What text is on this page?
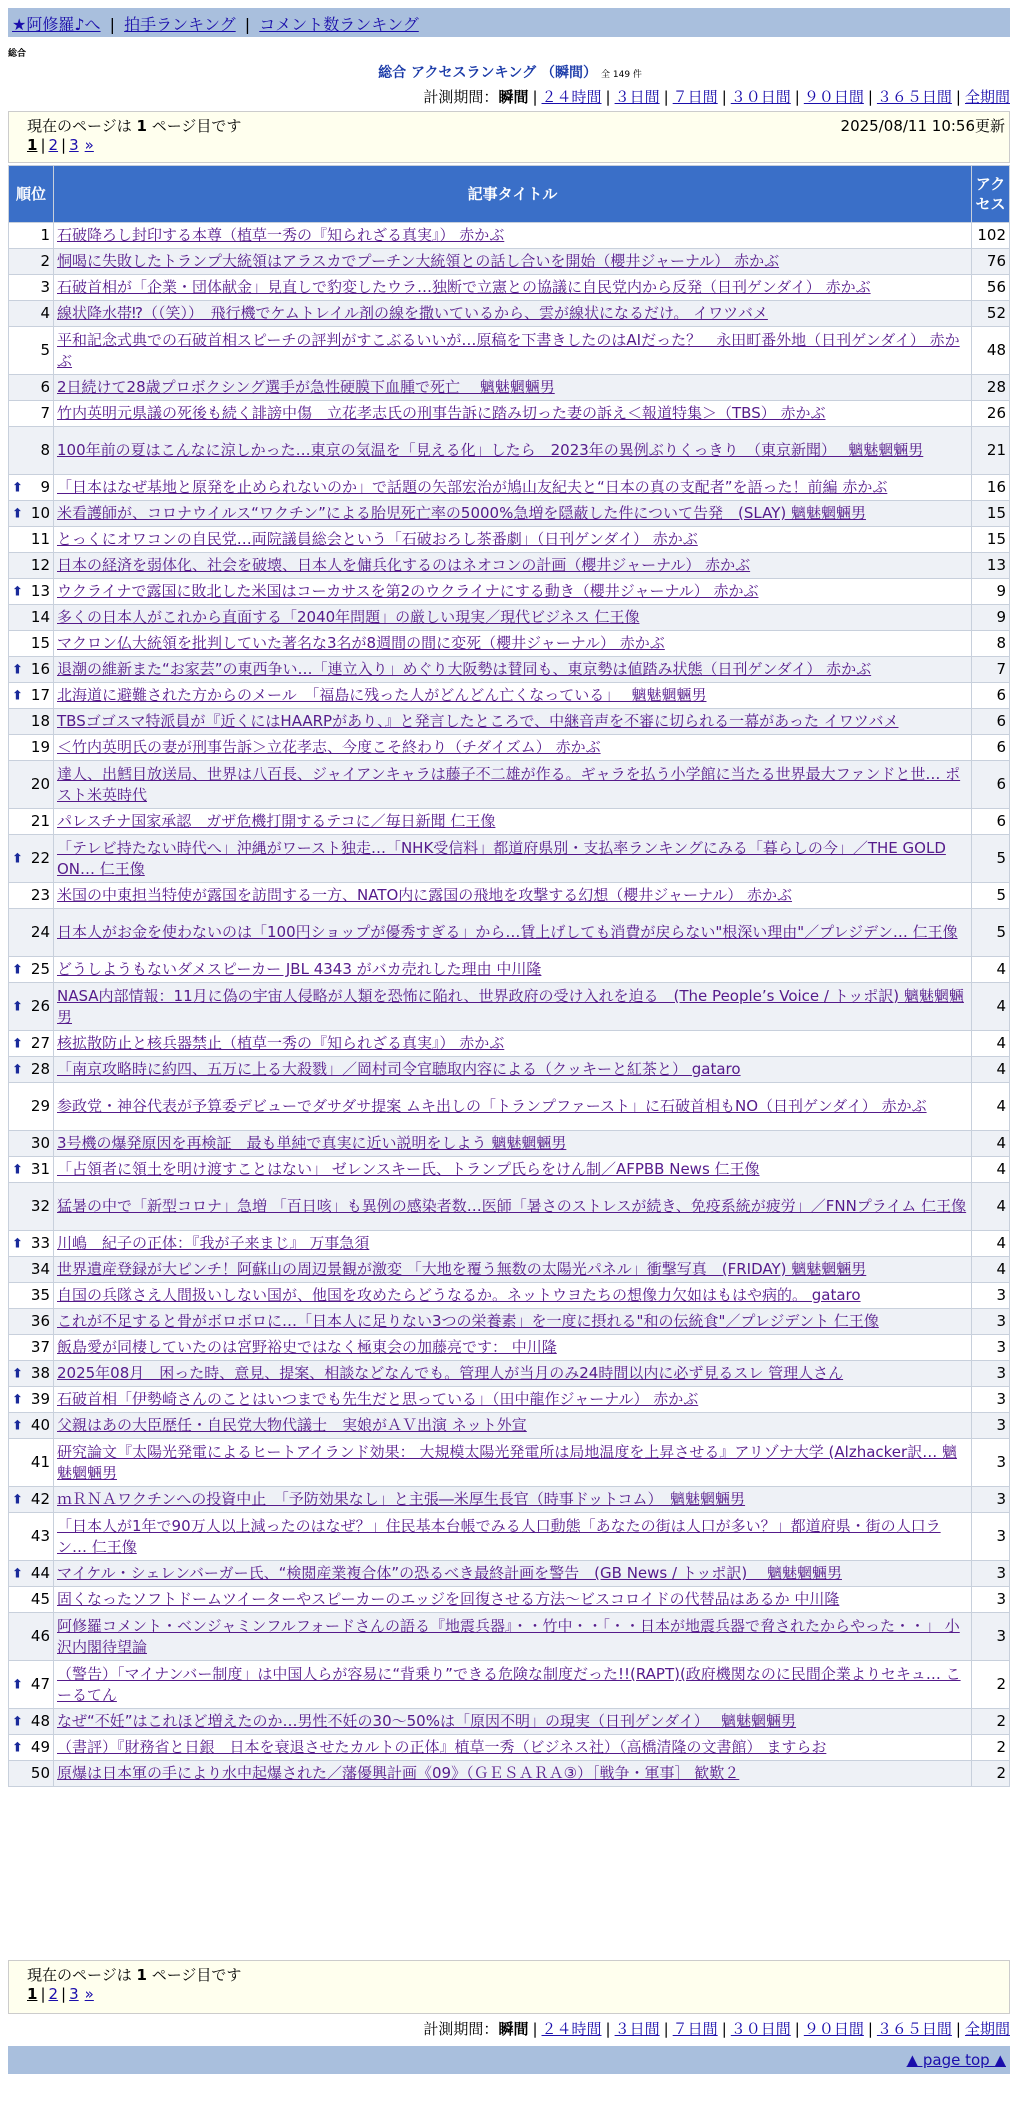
★阿修羅♪へ | 拍手ランキング | コメント数ランキング
総合
総合 アクセスランキング （瞬間） 全 149 件
計測期間：瞬間 | ２４時間 | ３日間 | ７日間 | ３０日間 | ９０日間 | ３６５日間 | 全期間
現在のページは 1 ページ目です	2025/08/11 10:56更新
1 | 2 | 3 »
順位	記事タイトル	アクセス
1	石破降ろし封印する本尊（植草一秀の『知られざる真実』） 赤かぶ	102
2	恫喝に失敗したトランプ大統領はアラスカでプーチン大統領との話し合いを開始（櫻井ジャーナル） 赤かぶ	76
3	石破首相が「企業・団体献金」見直しで豹変したウラ…独断で立憲との協議に自民党内から反発（日刊ゲンダイ） 赤かぶ	56
4	線状降水帯⁉（（笑））　飛行機でケムトレイル剤の線を撒いているから、雲が線状になるだけ。 イワツバメ	52
5	平和記念式典での石破首相スピーチの評判がすこぶるいいが…原稿を下書きしたのはAIだった？　永田町番外地（日刊ゲンダイ） 赤かぶ	48
6	2日続けて28歳プロボクシング選手が急性硬膜下血腫で死亡　 魑魅魍魎男	28
7	竹内英明元県議の死後も続く誹謗中傷　立花孝志氏の刑事告訴に踏み切った妻の訴え＜報道特集＞（TBS） 赤かぶ	26
8	100年前の夏はこんなに涼しかった…東京の気温を「見える化」したら　2023年の異例ぶりくっきり　（東京新聞）　 魑魅魍魎男	21

⬆ 9	「日本はなぜ基地と原発を止められないのか」で話題の矢部宏治が鳩山友紀夫と“日本の真の支配者”を語った！前編 赤かぶ	16

⬆ 10	米看護師が、コロナウイルス“ワクチン”による胎児死亡率の5000%急増を隠蔽した件について告発　(SLAY) 魑魅魍魎男	15
11	とっくにオワコンの自民党…両院議員総会という「石破おろし茶番劇」（日刊ゲンダイ） 赤かぶ	15
12	日本の経済を弱体化、社会を破壊、日本人を傭兵化するのはネオコンの計画（櫻井ジャーナル） 赤かぶ	13

⬆ 13	ウクライナで露国に敗北した米国はコーカサスを第2のウクライナにする動き（櫻井ジャーナル） 赤かぶ	9
14	多くの日本人がこれから直面する「2040年問題」の厳しい現実／現代ビジネス 仁王像	9
15	マクロン仏大統領を批判していた著名な3名が8週間の間に変死（櫻井ジャーナル） 赤かぶ	8

⬆ 16	退潮の維新また“お家芸”の東西争い…「連立入り」めぐり大阪勢は賛同も、東京勢は値踏み状態（日刊ゲンダイ） 赤かぶ	7

⬆ 17	北海道に避難された方からのメール　「福島に残った人がどんどん亡くなっている」　 魑魅魍魎男	6
18	TBSゴゴスマ特派員が『近くにはHAARPがあり、』と発言したところで、中継音声を不審に切られる一幕があった イワツバメ	6
19	＜竹内英明氏の妻が刑事告訴＞立花孝志、今度こそ終わり（チダイズム） 赤かぶ	6
20	達人、出鱈目放送局、世界は八百長、ジャイアンキャラは藤子不二雄が作る。ギャラを払う小学館に当たる世界最大ファンドと世… ポスト米英時代	6
21	パレスチナ国家承認　ガザ危機打開するテコに／毎日新聞 仁王像	6

⬆ 22	「テレビ持たない時代へ」沖縄がワースト独走…「NHK受信料」都道府県別・支払率ランキングにみる「暮らしの今」／THE GOLD ON… 仁王像	5
23	米国の中東担当特使が露国を訪問する一方、NATO内に露国の飛地を攻撃する幻想（櫻井ジャーナル） 赤かぶ	5
24	日本人がお金を使わないのは「100円ショップが優秀すぎる」から…賃上げしても消費が戻らない"根深い理由"／プレジデン… 仁王像	5

⬆ 25	どうしようもないダメスピーカー JBL 4343 がバカ売れした理由 中川隆	4

⬆ 26	NASA内部情報：11月に偽の宇宙人侵略が人類を恐怖に陥れ、世界政府の受け入れを迫る　(The People’s Voice / トッポ訳) 魑魅魍魎男	4

⬆ 27	核拡散防止と核兵器禁止（植草一秀の『知られざる真実』） 赤かぶ	4

⬆ 28	「南京攻略時に約四、五万に上る大殺戮」／岡村司令官聴取内容による（クッキーと紅茶と） gataro	4
29	参政党・神谷代表が予算委デビューでダサダサ提案 ムキ出しの「トランプファースト」に石破首相もNO（日刊ゲンダイ） 赤かぶ	4
30	3号機の爆発原因を再検証　最も単純で真実に近い説明をしよう 魑魅魍魎男	4

⬆ 31	「占領者に領土を明け渡すことはない」 ゼレンスキー氏、トランプ氏らをけん制／AFPBB News 仁王像	4
32	猛暑の中で「新型コロナ」急増 「百日咳」も異例の感染者数…医師「暑さのストレスが続き、免疫系統が疲労」／FNNプライム 仁王像	4

⬆ 33	川嶋　紀子の正体：『我が子来まじ』 万事急須	4
34	世界遺産登録が大ピンチ！阿蘇山の周辺景観が激変 「大地を覆う無数の太陽光パネル」衝撃写真　(FRIDAY) 魑魅魍魎男	4
35	自国の兵隊さえ人間扱いしない国が、他国を攻めたらどうなるか。ネットウヨたちの想像力欠如はもはや病的。 gataro	3
36	これが不足すると骨がボロボロに…「日本人に足りない3つの栄養素」を一度に摂れる"和の伝統食"／プレジデント 仁王像	3
37	飯島愛が同棲していたのは宮野裕史ではなく極東会の加藤亮です： 中川隆	3

⬆ 38	2025年08月　困った時、意見、提案、相談などなんでも。管理人が当月のみ24時間以内に必ず見るスレ 管理人さん	3

⬆ 39	石破首相「伊勢崎さんのことはいつまでも先生だと思っている」（田中龍作ジャーナル） 赤かぶ	3

⬆ 40	父親はあの大臣歴任・自民党大物代議士　実娘がＡＶ出演 ネット外宣	3
41	研究論文『太陽光発電によるヒートアイランド効果： 大規模太陽光発電所は局地温度を上昇させる』アリゾナ大学 (Alzhacker訳… 魑魅魍魎男	3

⬆ 42	ｍＲＮＡワクチンへの投資中止　「予防効果なし」と主張―米厚生長官（時事ドットコム）　魑魅魍魎男	3
43	「日本人が1年で90万人以上減ったのはなぜ？」住民基本台帳でみる人口動態「あなたの街は人口が多い？」都道府県・街の人口ラン… 仁王像	3

⬆ 44	マイケル・シェレンバーガー氏、“検閲産業複合体”の恐るべき最終計画を警告　(GB News / トッポ訳)　 魑魅魍魎男	3
45	固くなったソフトドームツイーターやスピーカーのエッジを回復させる方法～ビスコロイドの代替品はあるか 中川隆	3
46	阿修羅コメント・ベンジャミンフルフォードさんの語る『地震兵器』・・竹中・・「・・日本が地震兵器で脅されたからやった・・」 小沢内閣待望論	3

⬆ 47	（警告）「マイナンバー制度」は中国人らが容易に“背乗り”できる危険な制度だった!!(RAPT)(政府機関なのに民間企業よりセキュ… こーるてん	2

⬆ 48	なぜ“不妊”はこれほど増えたのか…男性不妊の30～50%は「原因不明」の現実（日刊ゲンダイ）　 魑魅魍魎男	2

⬆ 49	（書評）『財務省と日銀　日本を衰退させたカルトの正体』植草一秀（ビジネス社）（高橋清隆の文書館） ますらお	2
50	原爆は日本軍の手により水中起爆された／藩優興計画《09》（ＧＥＳＡＲＡ③）［戦争・軍事］ 歓歎２	2
現在のページは 1 ページ目です
1 | 2 | 3 »
計測期間：瞬間 | ２４時間 | ３日間 | ７日間 | ３０日間 | ９０日間 | ３６５日間 | 全期間
▲ page top ▲
